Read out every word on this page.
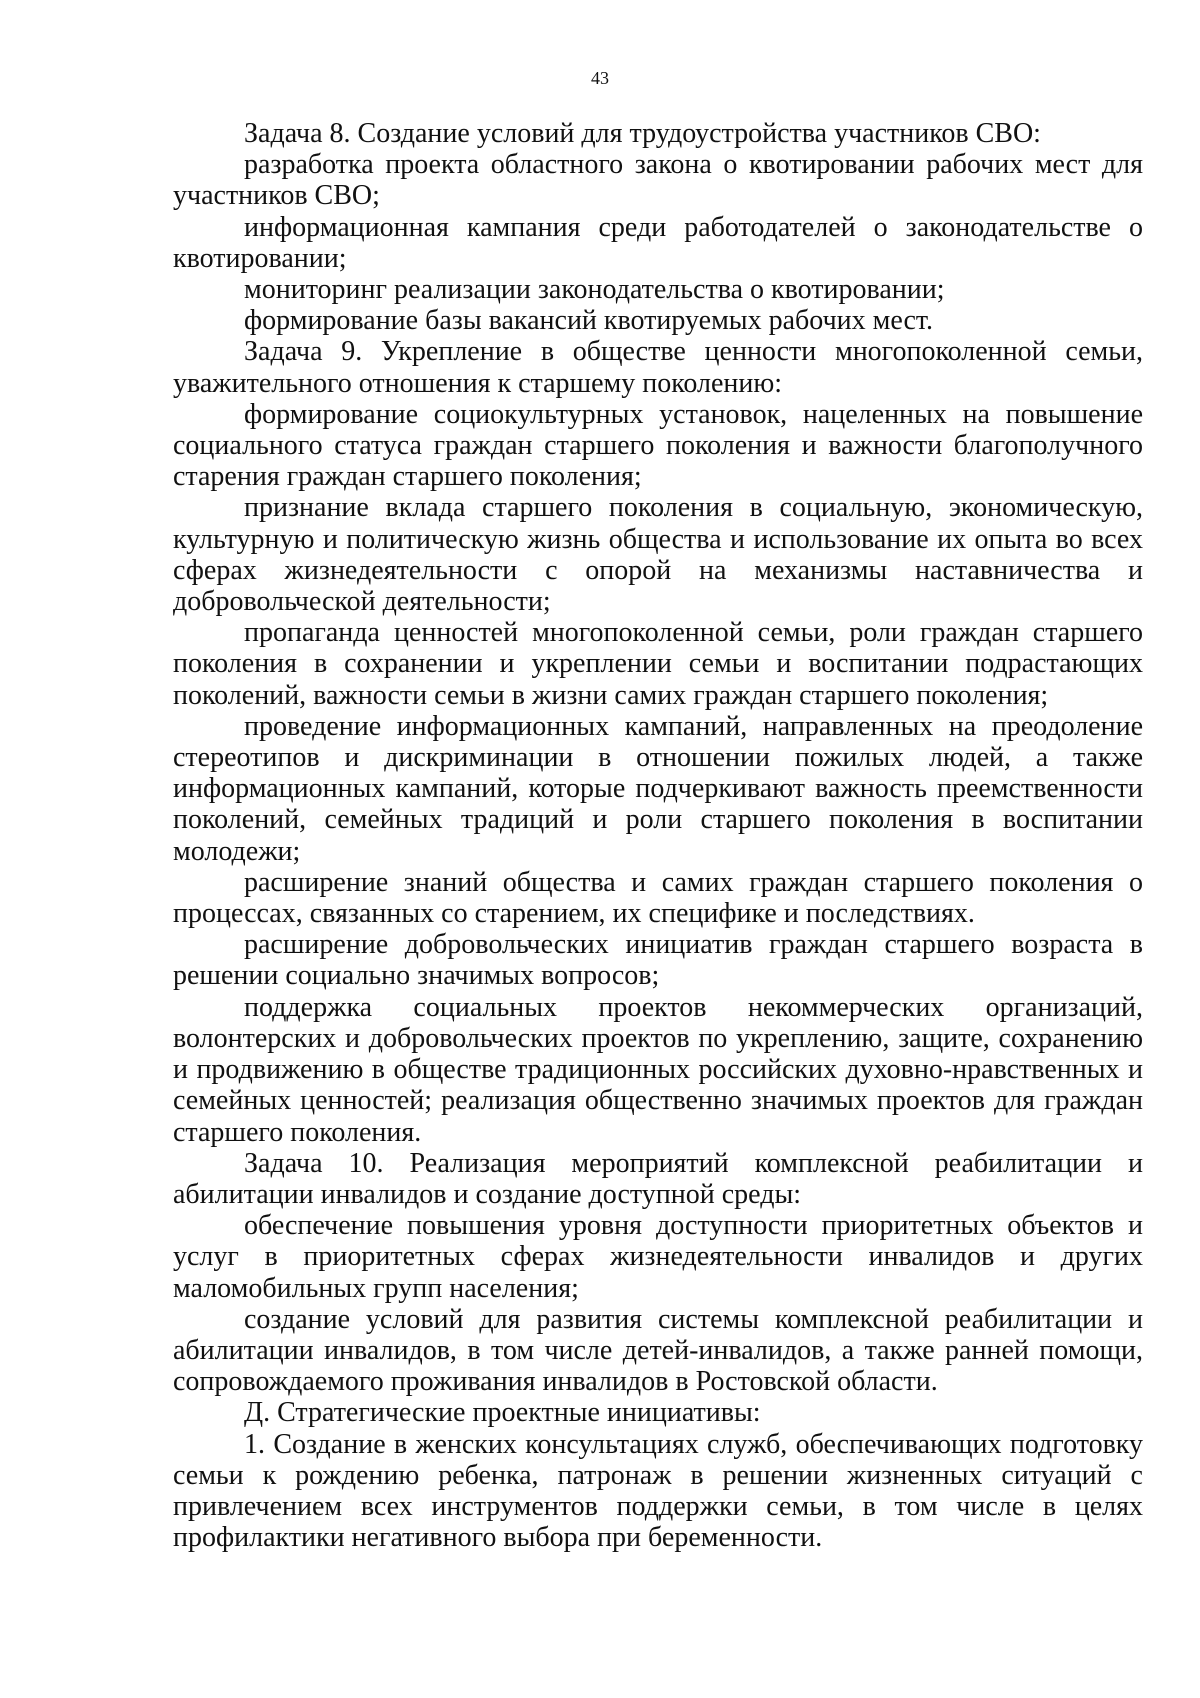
43

Задача 8. Создание условий для трудоустройства участников СВО:

разработка проекта областного закона о квотировании рабочих мест для участников СВО;

информационная кампания среди работодателей о законодательстве о квотировании;

мониторинг реализации законодательства о квотировании;

формирование базы вакансий квотируемых рабочих мест.

Задача 9. Укрепление в обществе ценности многопоколенной семьи, уважительного отношения к старшему поколению:

формирование социокультурных установок, нацеленных на повышение социального статуса граждан старшего поколения и важности благополучного старения граждан старшего поколения;

признание вклада старшего поколения в социальную, экономическую, культурную и политическую жизнь общества и использование их опыта во всех сферах жизнедеятельности с опорой на механизмы наставничества и добровольческой деятельности;

пропаганда ценностей многопоколенной семьи, роли граждан старшего поколения в сохранении и укреплении семьи и воспитании подрастающих поколений, важности семьи в жизни самих граждан старшего поколения;

проведение информационных кампаний, направленных на преодоление стереотипов и дискриминации в отношении пожилых людей, а также информационных кампаний, которые подчеркивают важность преемственности поколений, семейных традиций и роли старшего поколения в воспитании молодежи;

расширение знаний общества и самих граждан старшего поколения о процессах, связанных со старением, их специфике и последствиях.

расширение добровольческих инициатив граждан старшего возраста в решении социально значимых вопросов;

поддержка социальных проектов некоммерческих организаций, волонтерских и добровольческих проектов по укреплению, защите, сохранению и продвижению в обществе традиционных российских духовно-нравственных и семейных ценностей; реализация общественно значимых проектов для граждан старшего поколения.

Задача 10. Реализация мероприятий комплексной реабилитации и абилитации инвалидов и создание доступной среды:

обеспечение повышения уровня доступности приоритетных объектов и услуг в приоритетных сферах жизнедеятельности инвалидов и других маломобильных групп населения;

создание условий для развития системы комплексной реабилитации и абилитации инвалидов, в том числе детей-инвалидов, а также ранней помощи, сопровождаемого проживания инвалидов в Ростовской области.

Д. Стратегические проектные инициативы:

1. Создание в женских консультациях служб, обеспечивающих подготовку семьи к рождению ребенка, патронаж в решении жизненных ситуаций с привлечением всех инструментов поддержки семьи, в том числе в целях профилактики негативного выбора при беременности.
